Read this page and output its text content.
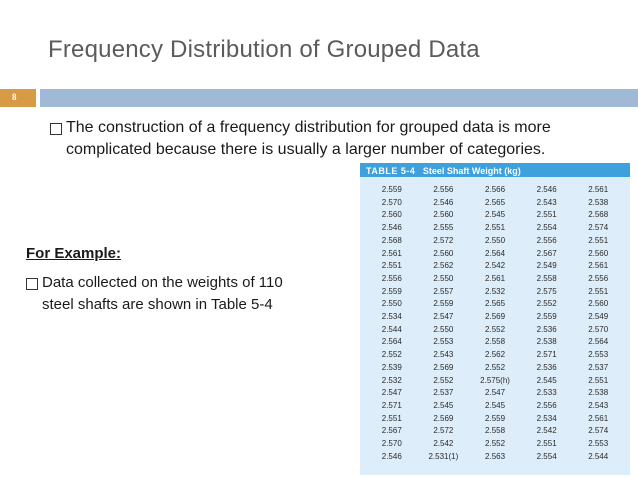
Frequency Distribution of Grouped Data
8
The construction of a frequency distribution for grouped data is more complicated because there is usually a larger number of categories.
For Example:
Data collected on the weights of 110 steel shafts are shown in Table 5-4
TABLE 5-4 Steel Shaft Weight (kg)
2.559	2.556	2.566	2.546	2.561
2.570	2.546	2.565	2.543	2.538
2.560	2.560	2.545	2.551	2.568
2.546	2.555	2.551	2.554	2.574
2.568	2.572	2.550	2.556	2.551
2.561	2.560	2.564	2.567	2.560
2.551	2.562	2.542	2.549	2.561
2.556	2.550	2.561	2.558	2.556
2.559	2.557	2.532	2.575	2.551
2.550	2.559	2.565	2.552	2.560
2.534	2.547	2.569	2.559	2.549
2.544	2.550	2.552	2.536	2.570
2.564	2.553	2.558	2.538	2.564
2.552	2.543	2.562	2.571	2.553
2.539	2.569	2.552	2.536	2.537
2.532	2.552	2.575(h)	2.545	2.551
2.547	2.537	2.547	2.533	2.538
2.571	2.545	2.545	2.556	2.543
2.551	2.569	2.559	2.534	2.561
2.567	2.572	2.558	2.542	2.574
2.570	2.542	2.552	2.551	2.553
2.546	2.531(1)	2.563	2.554	2.544
